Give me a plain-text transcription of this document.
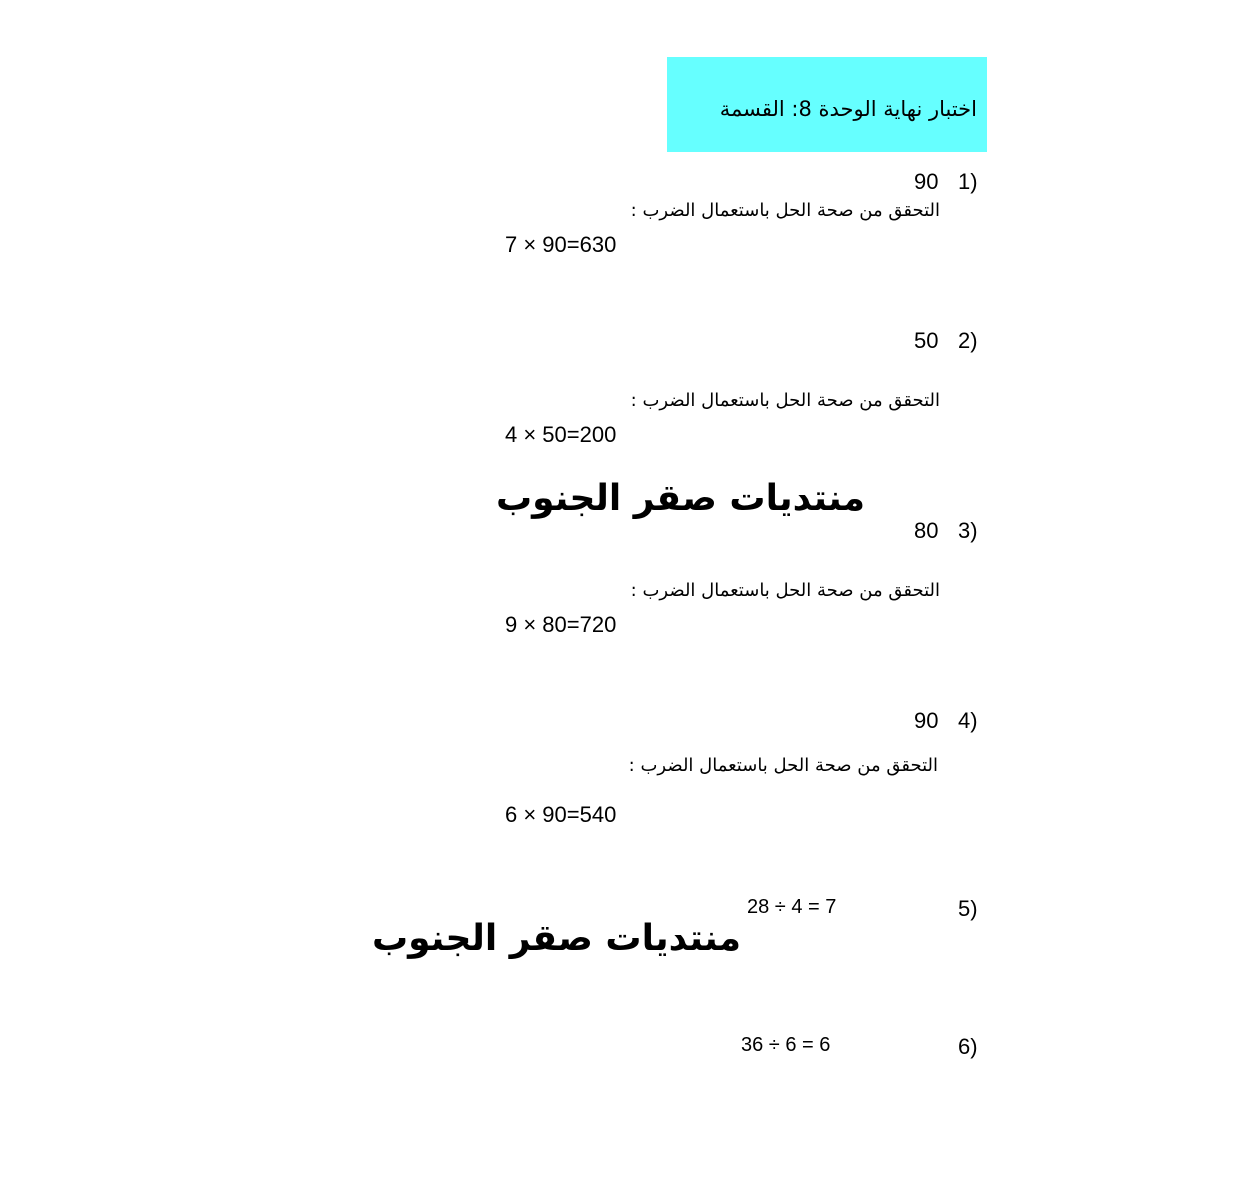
اختبار نهاية الوحدة 8: القسمة
1)
90
التحقق من صحة الحل باستعمال الضرب :
7 × 90=630
2)
50
التحقق من صحة الحل باستعمال الضرب :
4 × 50=200
منتديات صقر الجنوب
3)
80
التحقق من صحة الحل باستعمال الضرب :
9 × 80=720
4)
90
التحقق من صحة الحل باستعمال الضرب :
6 × 90=540
5)
28 ÷ 4 = 7
منتديات صقر الجنوب
6)
36 ÷ 6 = 6
